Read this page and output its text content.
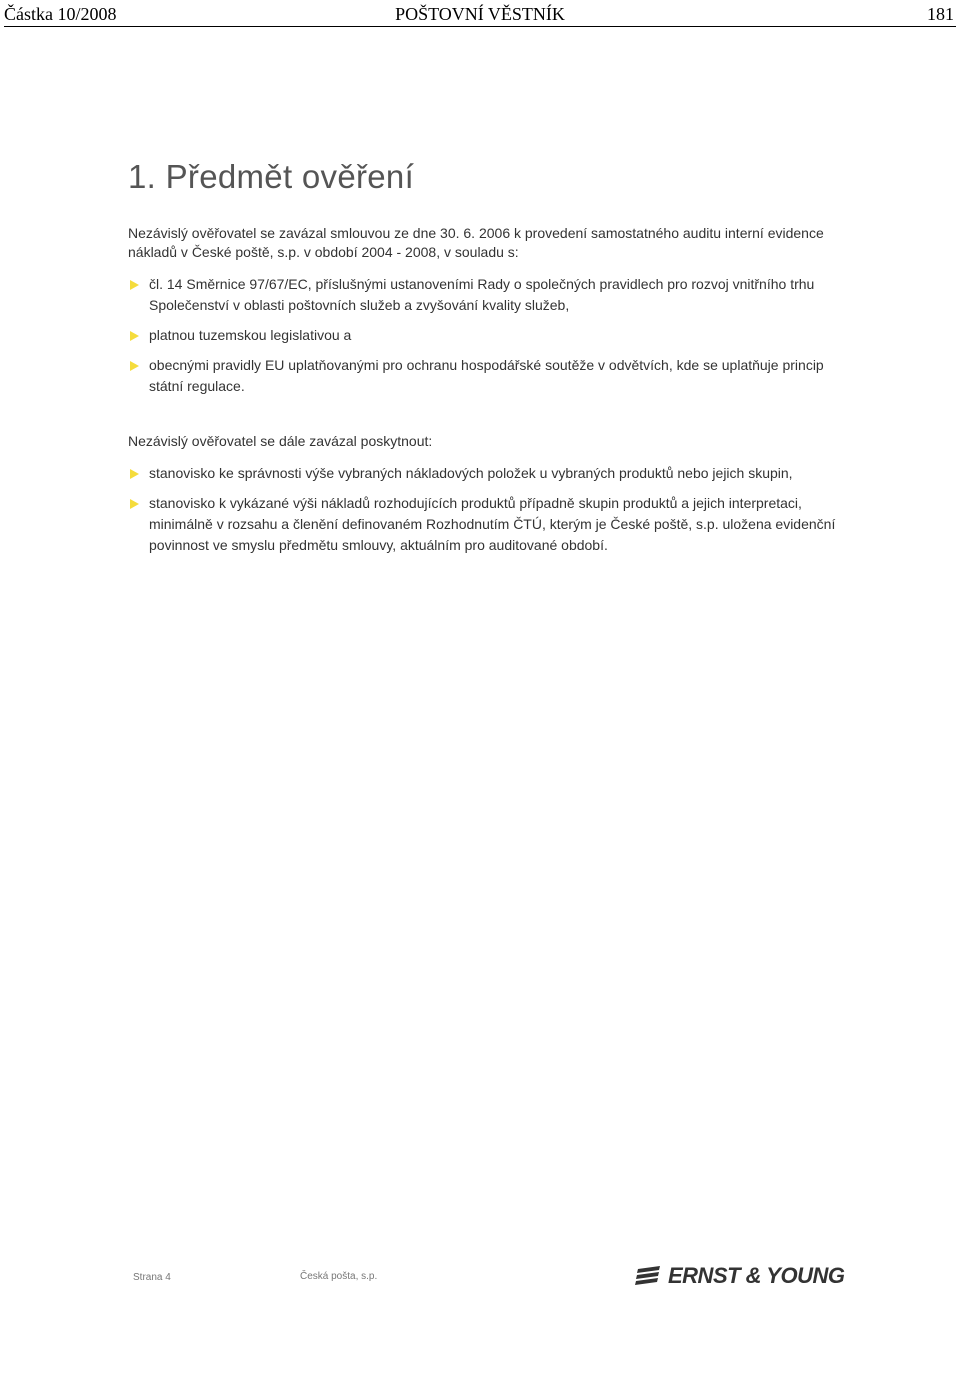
Částka 10/2008	POŠTOVNÍ VĚSTNÍK	181
1. Předmět ověření

Nezávislý ověřovatel se zavázal smlouvou ze dne 30. 6. 2006 k provedení samostatného auditu interní evidence nákladů v České poště, s.p. v období 2004 - 2008, v souladu s:

čl. 14 Směrnice 97/67/EC, příslušnými ustanoveními Rady o společných pravidlech pro rozvoj vnitřního trhu Společenství v oblasti poštovních služeb a zvyšování kvality služeb,
platnou tuzemskou legislativou a
obecnými pravidly EU uplatňovanými pro ochranu hospodářské soutěže v odvětvích, kde se uplatňuje princip státní regulace.

Nezávislý ověřovatel se dále zavázal poskytnout:

stanovisko ke správnosti výše vybraných nákladových položek u vybraných produktů nebo jejich skupin,
stanovisko k vykázané výši nákladů rozhodujících produktů případně skupin produktů a jejich interpretaci, minimálně v rozsahu a členění definovaném Rozhodnutím ČTÚ, kterým je České poště, s.p. uložena evidenční povinnost ve smyslu předmětu smlouvy, aktuálním pro auditované období.
Strana 4	Česká pošta, s.p.	ERNST & YOUNG
